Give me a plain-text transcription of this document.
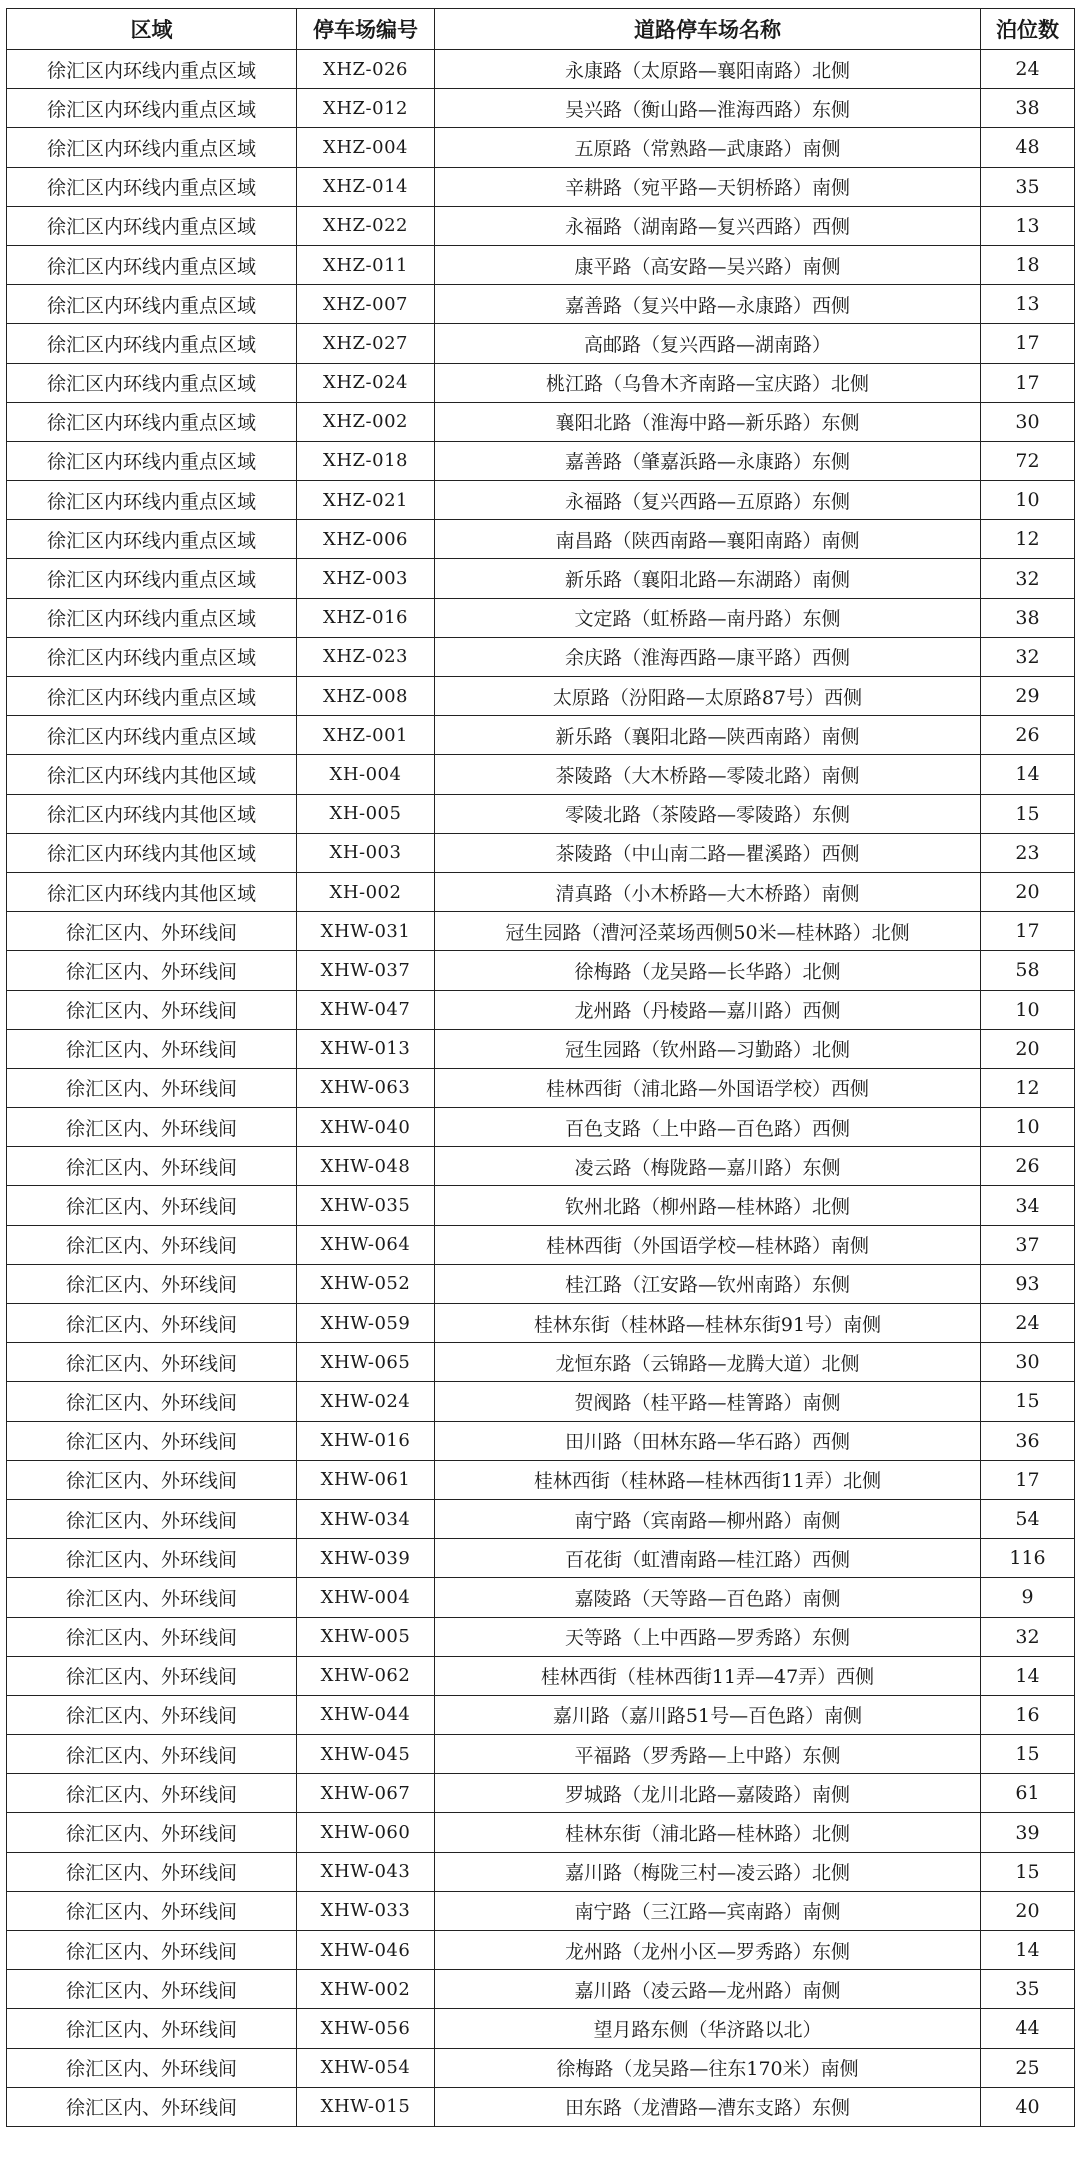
区域	停车场编号	道路停车场名称	泊位数
徐汇区内环线内重点区域	XHZ-026	永康路（太原路—襄阳南路）北侧	24
徐汇区内环线内重点区域	XHZ-012	吴兴路（衡山路—淮海西路）东侧	38
徐汇区内环线内重点区域	XHZ-004	五原路（常熟路—武康路）南侧	48
徐汇区内环线内重点区域	XHZ-014	辛耕路（宛平路—天钥桥路）南侧	35
徐汇区内环线内重点区域	XHZ-022	永福路（湖南路—复兴西路）西侧	13
徐汇区内环线内重点区域	XHZ-011	康平路（高安路—吴兴路）南侧	18
徐汇区内环线内重点区域	XHZ-007	嘉善路（复兴中路—永康路）西侧	13
徐汇区内环线内重点区域	XHZ-027	高邮路（复兴西路—湖南路）	17
徐汇区内环线内重点区域	XHZ-024	桃江路（乌鲁木齐南路—宝庆路）北侧	17
徐汇区内环线内重点区域	XHZ-002	襄阳北路（淮海中路—新乐路）东侧	30
徐汇区内环线内重点区域	XHZ-018	嘉善路（肇嘉浜路—永康路）东侧	72
徐汇区内环线内重点区域	XHZ-021	永福路（复兴西路—五原路）东侧	10
徐汇区内环线内重点区域	XHZ-006	南昌路（陕西南路—襄阳南路）南侧	12
徐汇区内环线内重点区域	XHZ-003	新乐路（襄阳北路—东湖路）南侧	32
徐汇区内环线内重点区域	XHZ-016	文定路（虹桥路—南丹路）东侧	38
徐汇区内环线内重点区域	XHZ-023	余庆路（淮海西路—康平路）西侧	32
徐汇区内环线内重点区域	XHZ-008	太原路（汾阳路—太原路87号）西侧	29
徐汇区内环线内重点区域	XHZ-001	新乐路（襄阳北路—陕西南路）南侧	26
徐汇区内环线内其他区域	XH-004	茶陵路（大木桥路—零陵北路）南侧	14
徐汇区内环线内其他区域	XH-005	零陵北路（茶陵路—零陵路）东侧	15
徐汇区内环线内其他区域	XH-003	茶陵路（中山南二路—瞿溪路）西侧	23
徐汇区内环线内其他区域	XH-002	清真路（小木桥路—大木桥路）南侧	20
徐汇区内、外环线间	XHW-031	冠生园路（漕河泾菜场西侧50米—桂林路）北侧	17
徐汇区内、外环线间	XHW-037	徐梅路（龙吴路—长华路）北侧	58
徐汇区内、外环线间	XHW-047	龙州路（丹棱路—嘉川路）西侧	10
徐汇区内、外环线间	XHW-013	冠生园路（钦州路—习勤路）北侧	20
徐汇区内、外环线间	XHW-063	桂林西街（浦北路—外国语学校）西侧	12
徐汇区内、外环线间	XHW-040	百色支路（上中路—百色路）西侧	10
徐汇区内、外环线间	XHW-048	凌云路（梅陇路—嘉川路）东侧	26
徐汇区内、外环线间	XHW-035	钦州北路（柳州路—桂林路）北侧	34
徐汇区内、外环线间	XHW-064	桂林西街（外国语学校—桂林路）南侧	37
徐汇区内、外环线间	XHW-052	桂江路（江安路—钦州南路）东侧	93
徐汇区内、外环线间	XHW-059	桂林东街（桂林路—桂林东街91号）南侧	24
徐汇区内、外环线间	XHW-065	龙恒东路（云锦路—龙腾大道）北侧	30
徐汇区内、外环线间	XHW-024	贺阀路（桂平路—桂箐路）南侧	15
徐汇区内、外环线间	XHW-016	田川路（田林东路—华石路）西侧	36
徐汇区内、外环线间	XHW-061	桂林西街（桂林路—桂林西街11弄）北侧	17
徐汇区内、外环线间	XHW-034	南宁路（宾南路—柳州路）南侧	54
徐汇区内、外环线间	XHW-039	百花街（虹漕南路—桂江路）西侧	116
徐汇区内、外环线间	XHW-004	嘉陵路（天等路—百色路）南侧	9
徐汇区内、外环线间	XHW-005	天等路（上中西路—罗秀路）东侧	32
徐汇区内、外环线间	XHW-062	桂林西街（桂林西街11弄—47弄）西侧	14
徐汇区内、外环线间	XHW-044	嘉川路（嘉川路51号—百色路）南侧	16
徐汇区内、外环线间	XHW-045	平福路（罗秀路—上中路）东侧	15
徐汇区内、外环线间	XHW-067	罗城路（龙川北路—嘉陵路）南侧	61
徐汇区内、外环线间	XHW-060	桂林东街（浦北路—桂林路）北侧	39
徐汇区内、外环线间	XHW-043	嘉川路（梅陇三村—凌云路）北侧	15
徐汇区内、外环线间	XHW-033	南宁路（三江路—宾南路）南侧	20
徐汇区内、外环线间	XHW-046	龙州路（龙州小区—罗秀路）东侧	14
徐汇区内、外环线间	XHW-002	嘉川路（凌云路—龙州路）南侧	35
徐汇区内、外环线间	XHW-056	望月路东侧（华济路以北）	44
徐汇区内、外环线间	XHW-054	徐梅路（龙吴路—往东170米）南侧	25
徐汇区内、外环线间	XHW-015	田东路（龙漕路—漕东支路）东侧	40
